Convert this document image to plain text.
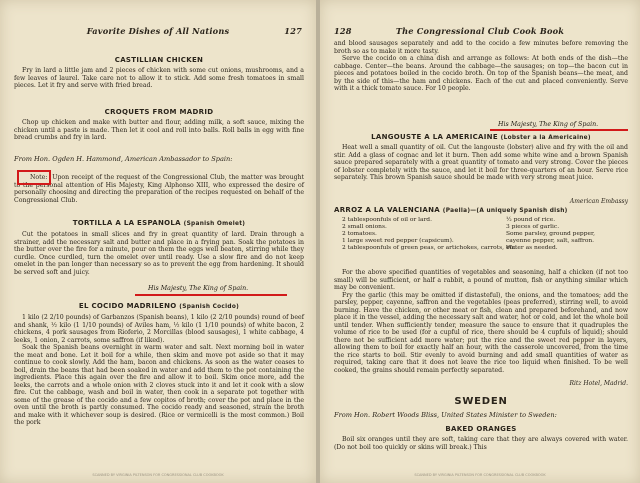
Favorite Dishes of All Nations	127
CASTILLIAN CHICKEN

Fry in lard a little jam and 2 pieces of chicken with some cut onions, mushrooms, and a few leaves of laurel. Take care not to allow it to stick. Add some fresh tomatoes in small pieces. Let it fry and serve with fried bread.

CROQUETS FROM MADRID

Chop up chicken and make with butter and flour, adding milk, a soft sauce, mixing the chicken until a paste is made. Then let it cool and roll into balls. Roll balls in egg with fine bread crumbs and fry in lard.

From Hon. Ogden H. Hammond, American Ambassador to Spain:

Note: Upon receipt of the request of the Congressional Club, the matter was brought to the personal attention of His Majesty, King Alphonso XIII, who expressed the desire of personally choosing and directing the preparation of the recipes requested on behalf of the Congressional Club.

TORTILLA A LA ESPANOLA (Spanish Omelet)

Cut the potatoes in small slices and fry in great quantity of lard. Drain through a strainer, add the necessary salt and butter and place in a frying pan. Soak the potatoes in the butter over the fire for a minute, pour on them the eggs well beaten, stirring while they curdle. Once curdled, turn the omelet over until ready. Use a slow fire and do not keep omelet in the pan longer than necessary so as to prevent the egg from hardening. It should be served soft and juicy.

His Majesty, The King of Spain.
EL COCIDO MADRILENO (Spanish Cocido)

1 kilo (2 2/10 pounds) of Garbanzos (Spanish beans), 1 kilo (2 2/10 pounds) round of beef and shank, ½ kilo (1 1/10 pounds) of Aviles ham, ½ kilo (1 1/10 pounds) of white bacon, 2 chickens, 4 pork sausages from Rioferio, 2 Morcillas (blood sausages), 1 white cabbage, 4 leeks, 1 onion, 2 carrots, some saffron (if liked).

Soak the Spanish beans overnight in warm water and salt. Next morning boil in water the meat and bone. Let it boil for a while, then skim and move pot aside so that it may continue to cook slowly. Add the ham, bacon and chickens. As soon as the water ceases to boil, drain the beans that had been soaked in water and add them to the pot containing the ingredients. Place this again over the fire and allow it to boil. Skim once more, add the leeks, the carrots and a whole onion with 2 cloves stuck into it and let it cook with a slow fire. Cut the cabbage, wash and boil in water, then cook in a separate pot together with some of the grease of the cocido and a few copitos of broth; cover the pot and place in the oven until the broth is partly consumed. The cocido ready and seasoned, strain the broth and make with it whichever soup is desired. (Rice or vermicelli is the most common.) Boil the pork

SCANNED BY VIRGINIA PILTENSON FOR CONGRESSIONAL CLUB COOKBOOK
128	The Congressional Club Cook Book

and blood sausages separately and add to the cocido a few minutes before removing the broth so as to make it more tasty.

Serve the cocido on a china dish and arrange as follows: At both ends of the dish—the cabbage. Center—the beans. Around the cabbage—the sausages; on top—the bacon cut in pieces and potatoes boiled in the cocido broth. On top of the Spanish beans—the meat, and by the side of this—the ham and chickens. Each of the cut and placed conveniently. Serve with it a thick tomato sauce. For 10 people.

His Majesty, The King of Spain.
LANGOUSTE A LA AMERICAINE (Lobster a la Americaine)

Heat well a small quantity of oil. Cut the langouste (lobster) alive and fry with the oil and stir. Add a glass of cognac and let it burn. Then add some white wine and a brown Spanish sauce prepared separately with a great quantity of tomato and very strong. Cover the pieces of lobster completely with the sauce, and let it boil for three-quarters of an hour. Serve rice separately. This brown Spanish sauce should be made with very strong meat juice.

American Embassy
ARROZ A LA VALENCIANA (Paella)—(A uniquely Spanish dish)
2 tablespoonfuls of oil or lard.
2 small onions.
2 tomatoes.
1 large sweet red pepper (capsicum).
2 tablespoonfuls of green peas, or artichokes, carrots, etc.
½ pound of rice.
3 pieces of garlic.
Some parsley, ground pepper,
cayenne pepper, salt, saffron.
Water as needed.

For the above specified quantities of vegetables and seasoning, half a chicken (if not too small) will be sufficient, or half a rabbit, a pound of mutton, fish or anything similar which may be convenient.

Fry the garlic (this may be omitted if distasteful), the onions, and the tomatoes; add the parsley, pepper, cayenne, saffron and the vegetables (peas preferred), stirring well, to avoid burning. Have the chicken, or other meat or fish, clean and prepared beforehand, and now place it in the vessel, adding the necessary salt and water, hot or cold, and let the whole boil until tender. When sufficiently tender, measure the sauce to ensure that it quadruples the volume of rice to be used (for a cupful of rice, there should be 4 cupfuls of liquid); should there not be sufficient add more water; put the rice and the sweet red pepper in layers, allowing them to boil for exactly half an hour, with the casserole uncovered, from the time the rice starts to boil. Stir evenly to avoid burning and add small quantities of water as required, taking care that it does not leave the rice too liquid when finished. To be well cooked, the grains should remain perfectly separated.

Ritz Hotel, Madrid.
SWEDEN
From Hon. Robert Woods Bliss, United States Minister to Sweden:
BAKED ORANGES

Boil six oranges until they are soft, taking care that they are always covered with water. (Do not boil too quickly or skins will break.) This

SCANNED BY VIRGINIA PILTENSON FOR CONGRESSIONAL CLUB COOKBOOK
